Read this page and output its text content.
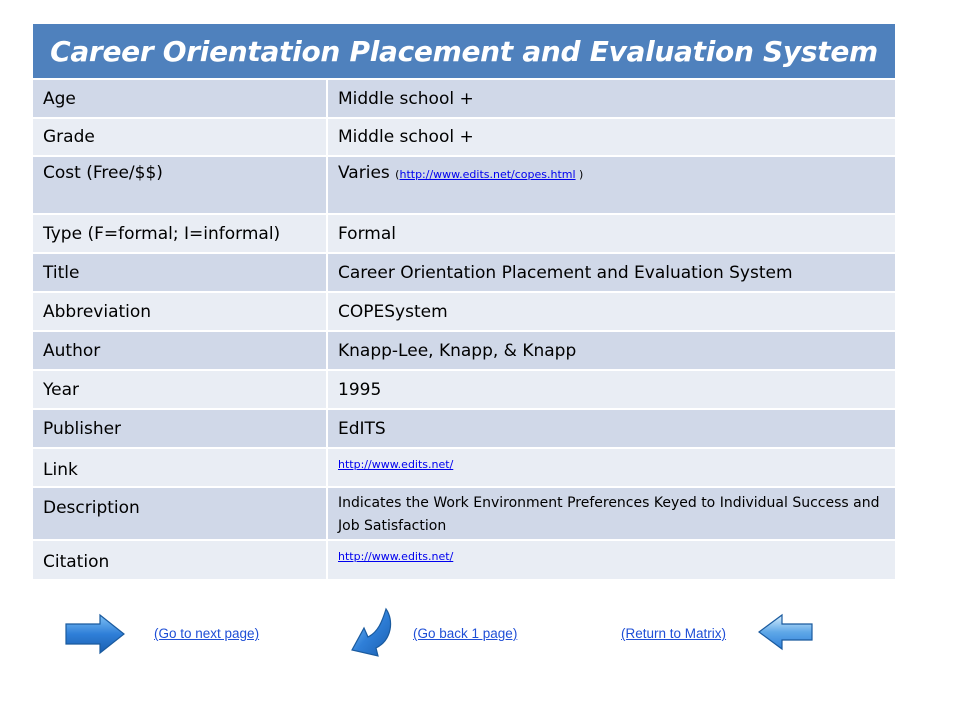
Career Orientation Placement and Evaluation System
Age	Middle school +
Grade	Middle school +
Cost (Free/$$)	Varies (http://www.edits.net/copes.html )
Type (F=formal; I=informal)	Formal
Title	Career Orientation Placement and Evaluation System
Abbreviation	COPESystem
Author	Knapp-Lee, Knapp, & Knapp
Year	1995
Publisher	EdITS
Link	http://www.edits.net/
Description	Indicates the Work Environment Preferences Keyed to Individual Success and Job Satisfaction
Citation	http://www.edits.net/
(Go to next page)	(Go back 1 page)	(Return to Matrix)
